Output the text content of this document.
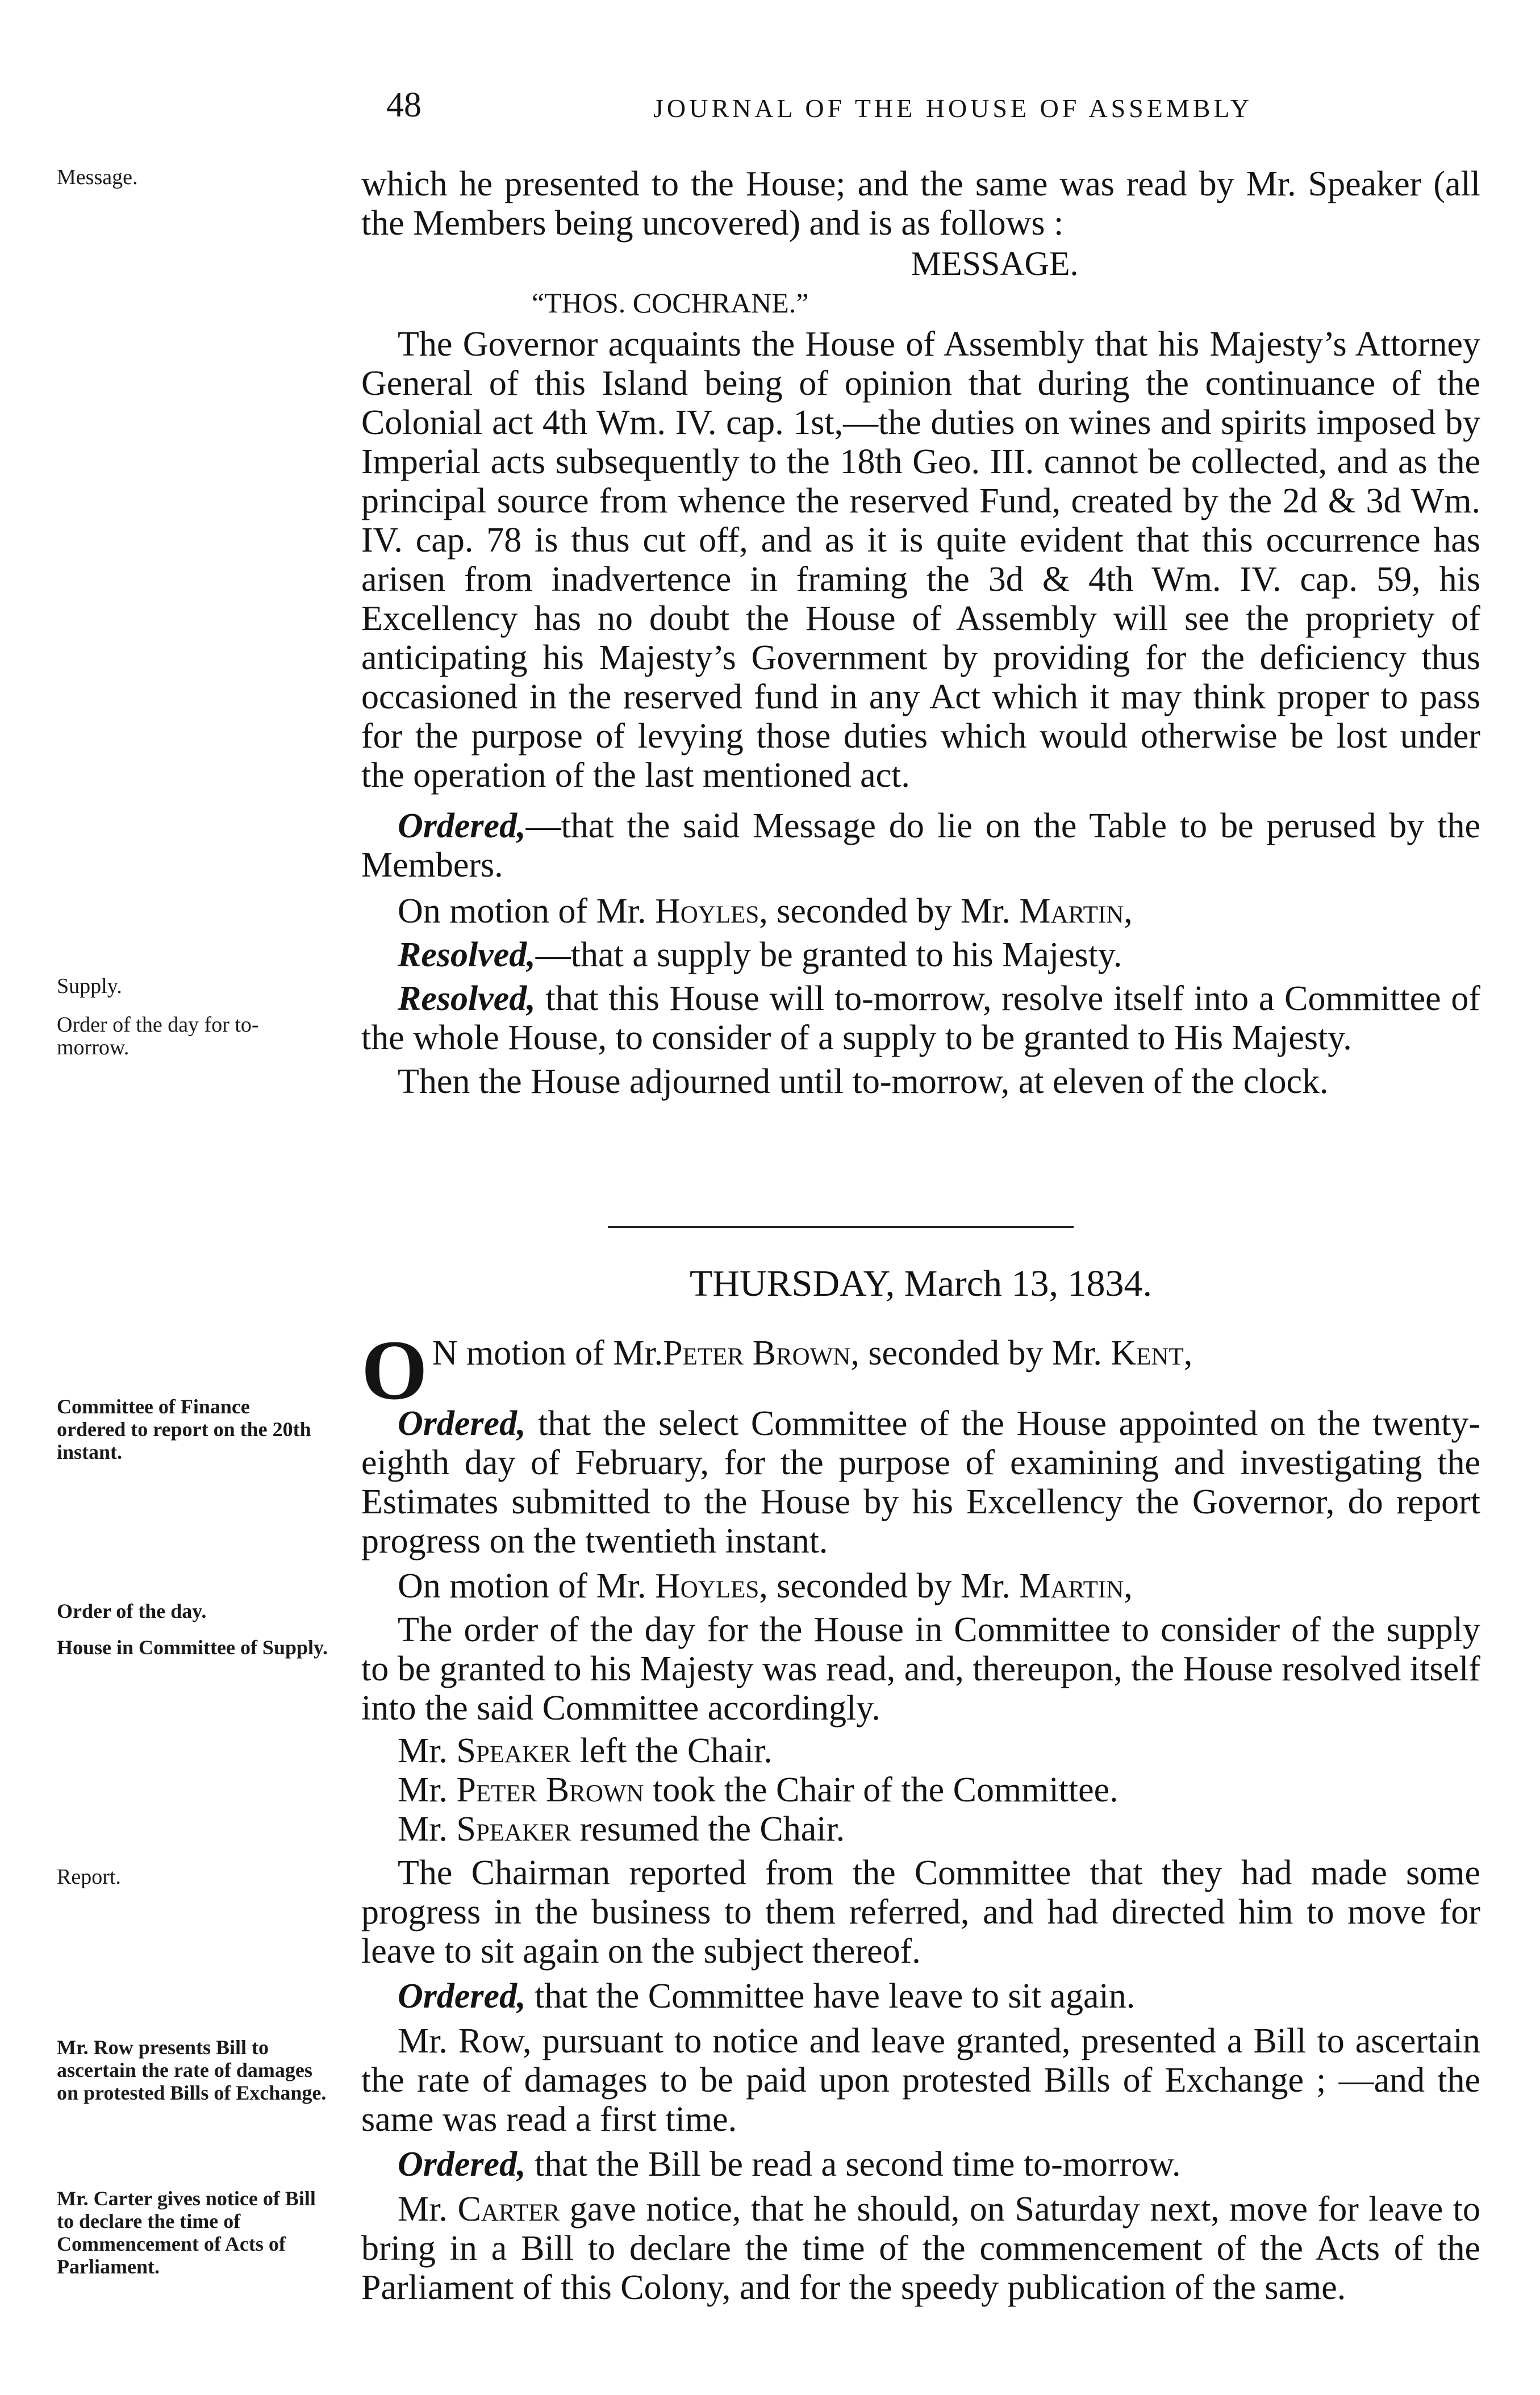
48	JOURNAL OF THE HOUSE OF ASSEMBLY
Message.
Supply.
Order of the day for to-morrow.
Committee of Finance ordered to report on the 20th instant.
Order of the day.
House in Committee of Supply.
Report.
Mr. Row presents Bill to ascertain the rate of damages on protested Bills of Exchange.
Mr. Carter gives notice of Bill to declare the time of Commencement of Acts of Parliament.

which he presented to the House; and the same was read by Mr. Speaker (all the Members being uncovered) and is as follows :

MESSAGE.

“THOS. COCHRANE.”

The Governor acquaints the House of Assembly that his Majesty’s Attorney General of this Island being of opinion that during the continuance of the Colonial act 4th Wm. IV. cap. 1st,—the duties on wines and spirits imposed by Imperial acts subsequently to the 18th Geo. III. cannot be collected, and as the principal source from whence the reserved Fund, created by the 2d & 3d Wm. IV. cap. 78 is thus cut off, and as it is quite evident that this occurrence has arisen from inadvertence in framing the 3d & 4th Wm. IV. cap. 59, his Excellency has no doubt the House of Assembly will see the propriety of anticipating his Majesty’s Government by providing for the deficiency thus occasioned in the reserved fund in any Act which it may think proper to pass for the purpose of levying those duties which would otherwise be lost under the operation of the last mentioned act.

Ordered,—that the said Message do lie on the Table to be perused by the Members.

On motion of Mr. Hoyles, seconded by Mr. Martin,

Resolved,—that a supply be granted to his Majesty.

Resolved, that this House will to-morrow, resolve itself into a Committee of the whole House, to consider of a supply to be granted to His Majesty.

Then the House adjourned until to-morrow, at eleven of the clock.

THURSDAY, March 13, 1834.

O N motion of Mr.Peter Brown, seconded by Mr. Kent,

Ordered, that the select Committee of the House appointed on the twenty-eighth day of February, for the purpose of examining and investigating the Estimates submitted to the House by his Excellency the Governor, do report progress on the twentieth instant.

On motion of Mr. Hoyles, seconded by Mr. Martin,

The order of the day for the House in Committee to consider of the supply to be granted to his Majesty was read, and, thereupon, the House resolved itself into the said Committee accordingly.

Mr. Speaker left the Chair.

Mr. Peter Brown took the Chair of the Committee.

Mr. Speaker resumed the Chair.

The Chairman reported from the Committee that they had made some progress in the business to them referred, and had directed him to move for leave to sit again on the subject thereof.

Ordered, that the Committee have leave to sit again.

Mr. Row, pursuant to notice and leave granted, presented a Bill to ascertain the rate of damages to be paid upon protested Bills of Exchange ; —and the same was read a first time.

Ordered, that the Bill be read a second time to-morrow.

Mr. Carter gave notice, that he should, on Saturday next, move for leave to bring in a Bill to declare the time of the commencement of the Acts of the Parliament of this Colony, and for the speedy publication of the same.
